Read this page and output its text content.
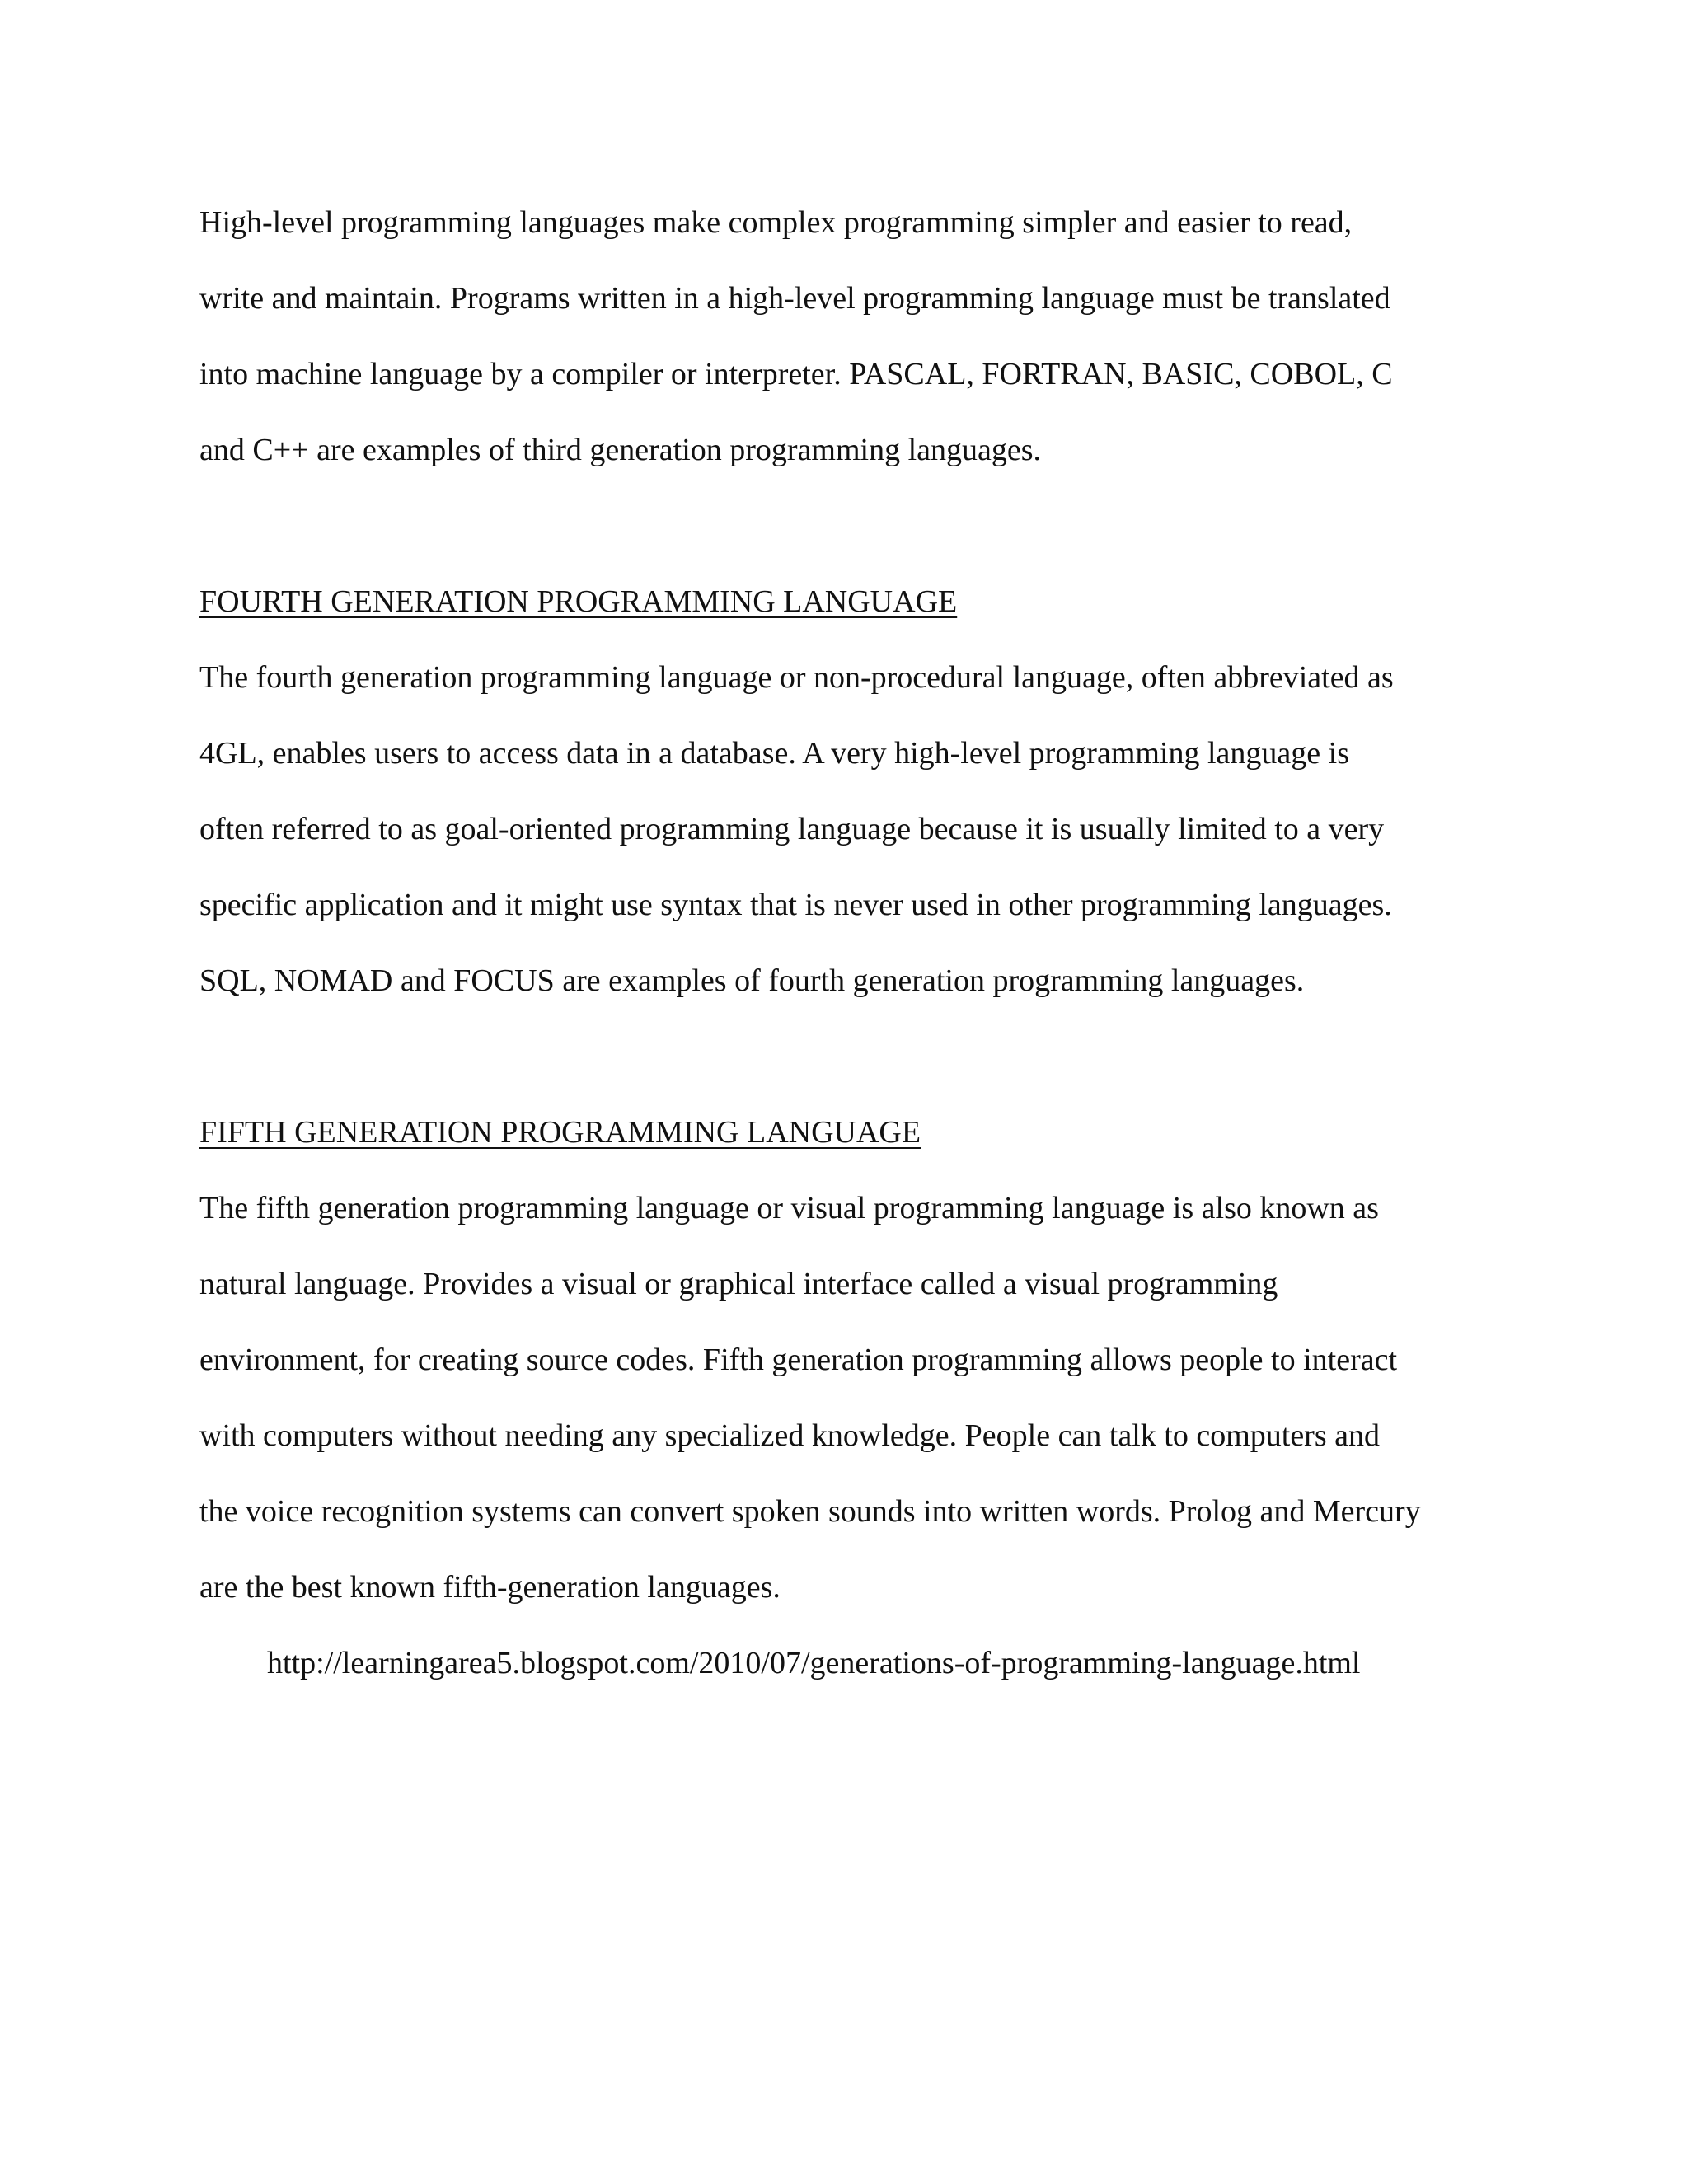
High-level programming languages make complex programming simpler and easier to read,
write and maintain. Programs written in a high-level programming language must be translated
into machine language by a compiler or interpreter. PASCAL, FORTRAN, BASIC, COBOL, C
and C++ are examples of third generation programming languages.
FOURTH GENERATION PROGRAMMING LANGUAGE
The fourth generation programming language or non-procedural language, often abbreviated as
4GL, enables users to access data in a database. A very high-level programming language is
often referred to as goal-oriented programming language because it is usually limited to a very
specific application and it might use syntax that is never used in other programming languages.
SQL, NOMAD and FOCUS are examples of fourth generation programming languages.
FIFTH GENERATION PROGRAMMING LANGUAGE
The fifth generation programming language or visual programming language is also known as
natural language. Provides a visual or graphical interface called a visual programming
environment, for creating source codes. Fifth generation programming allows people to interact
with computers without needing any specialized knowledge. People can talk to computers and
the voice recognition systems can convert spoken sounds into written words. Prolog and Mercury
are the best known fifth-generation languages.
http://learningarea5.blogspot.com/2010/07/generations-of-programming-language.html
